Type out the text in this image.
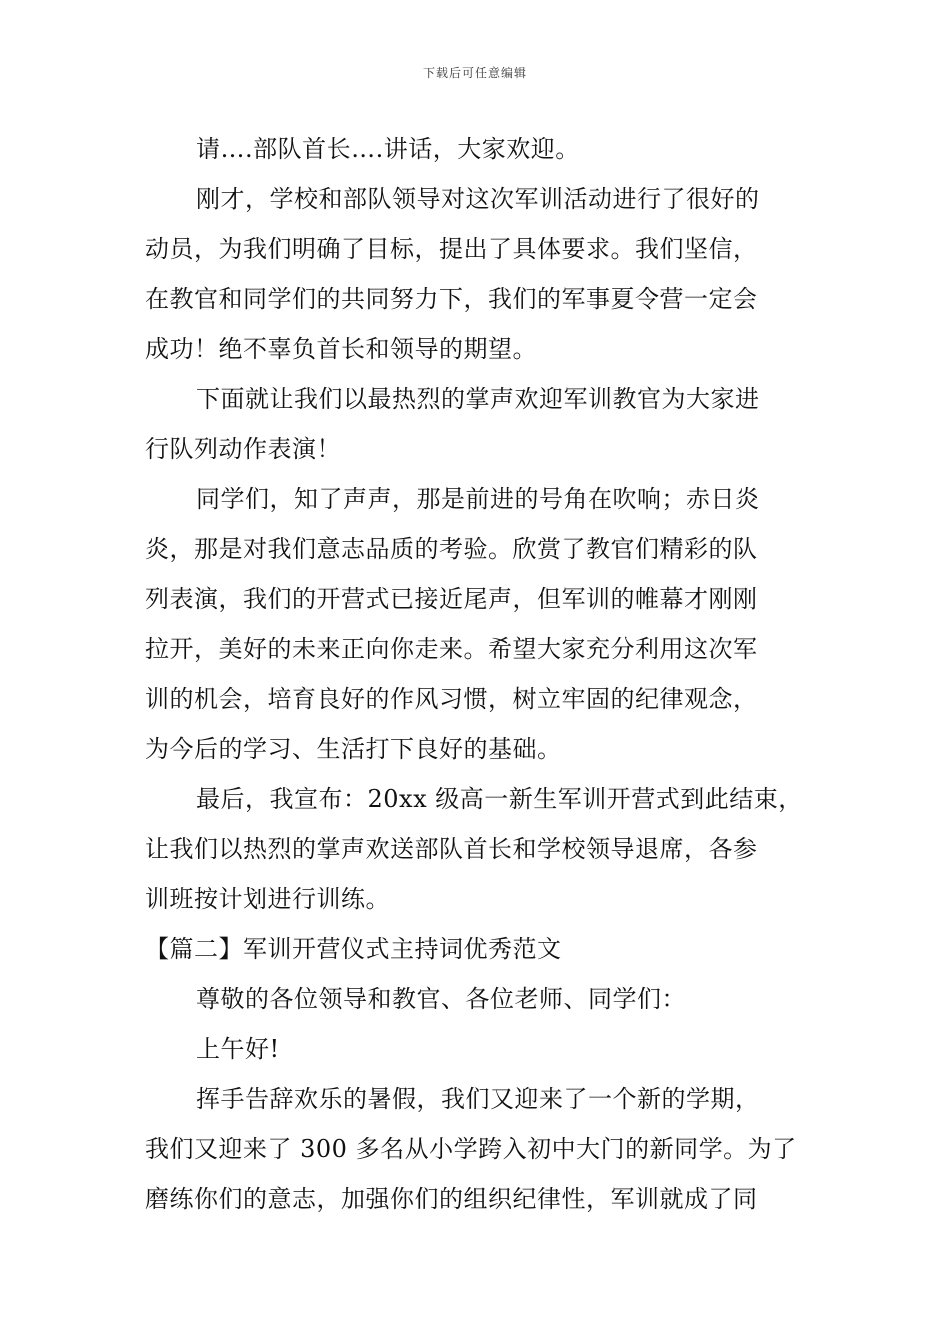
下载后可任意编辑
请….部队首长….讲话，大家欢迎。
刚才，学校和部队领导对这次军训活动进行了很好的
动员，为我们明确了目标，提出了具体要求。我们坚信，
在教官和同学们的共同努力下，我们的军事夏令营一定会
成功！绝不辜负首长和领导的期望。
下面就让我们以最热烈的掌声欢迎军训教官为大家进
行队列动作表演！
同学们，知了声声，那是前进的号角在吹响；赤日炎
炎，那是对我们意志品质的考验。欣赏了教官们精彩的队
列表演，我们的开营式已接近尾声，但军训的帷幕才刚刚
拉开，美好的未来正向你走来。希望大家充分利用这次军
训的机会，培育良好的作风习惯，树立牢固的纪律观念，
为今后的学习、生活打下良好的基础。
最后，我宣布：20xx 级高一新生军训开营式到此结束，
让我们以热烈的掌声欢送部队首长和学校领导退席，各参
训班按计划进行训练。
【篇二】军训开营仪式主持词优秀范文
尊敬的各位领导和教官、各位老师、同学们：
上午好!
挥手告辞欢乐的暑假，我们又迎来了一个新的学期，
我们又迎来了 300 多名从小学跨入初中大门的新同学。为了
磨练你们的意志，加强你们的组织纪律性，军训就成了同
